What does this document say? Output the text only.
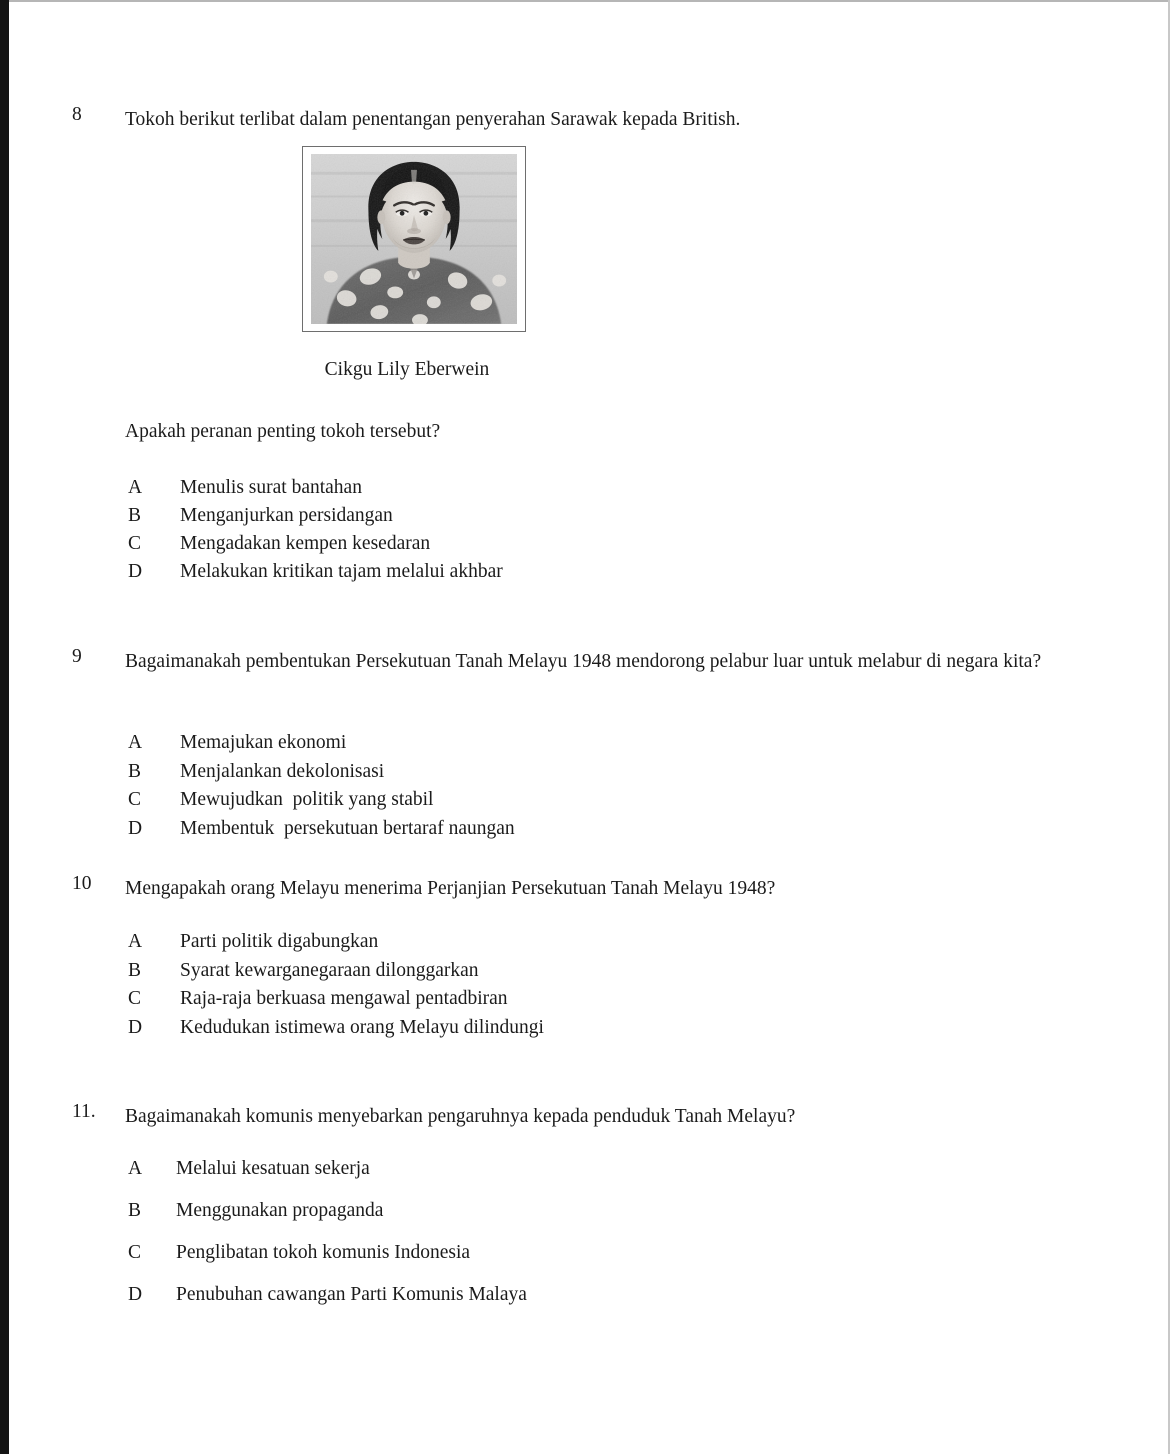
8 Tokoh berikut terlibat dalam penentangan penyerahan Sarawak kepada British.
Cikgu Lily Eberwein
Apakah peranan penting tokoh tersebut?
A Menulis surat bantahan
B Menganjurkan persidangan
C Mengadakan kempen kesedaran
D Melakukan kritikan tajam melalui akhbar
9 Bagaimanakah pembentukan Persekutuan Tanah Melayu 1948 mendorong pelabur luar untuk melabur di negara kita?
A Memajukan ekonomi
B Menjalankan dekolonisasi
C Mewujudkan  politik yang stabil
D Membentuk  persekutuan bertaraf naungan
10 Mengapakah orang Melayu menerima Perjanjian Persekutuan Tanah Melayu 1948?
A Parti politik digabungkan
B Syarat kewarganegaraan dilonggarkan
C Raja-raja berkuasa mengawal pentadbiran
D Kedudukan istimewa orang Melayu dilindungi
11. Bagaimanakah komunis menyebarkan pengaruhnya kepada penduduk Tanah Melayu?
A Melalui kesatuan sekerja
B Menggunakan propaganda
C Penglibatan tokoh komunis Indonesia
D Penubuhan cawangan Parti Komunis Malaya
